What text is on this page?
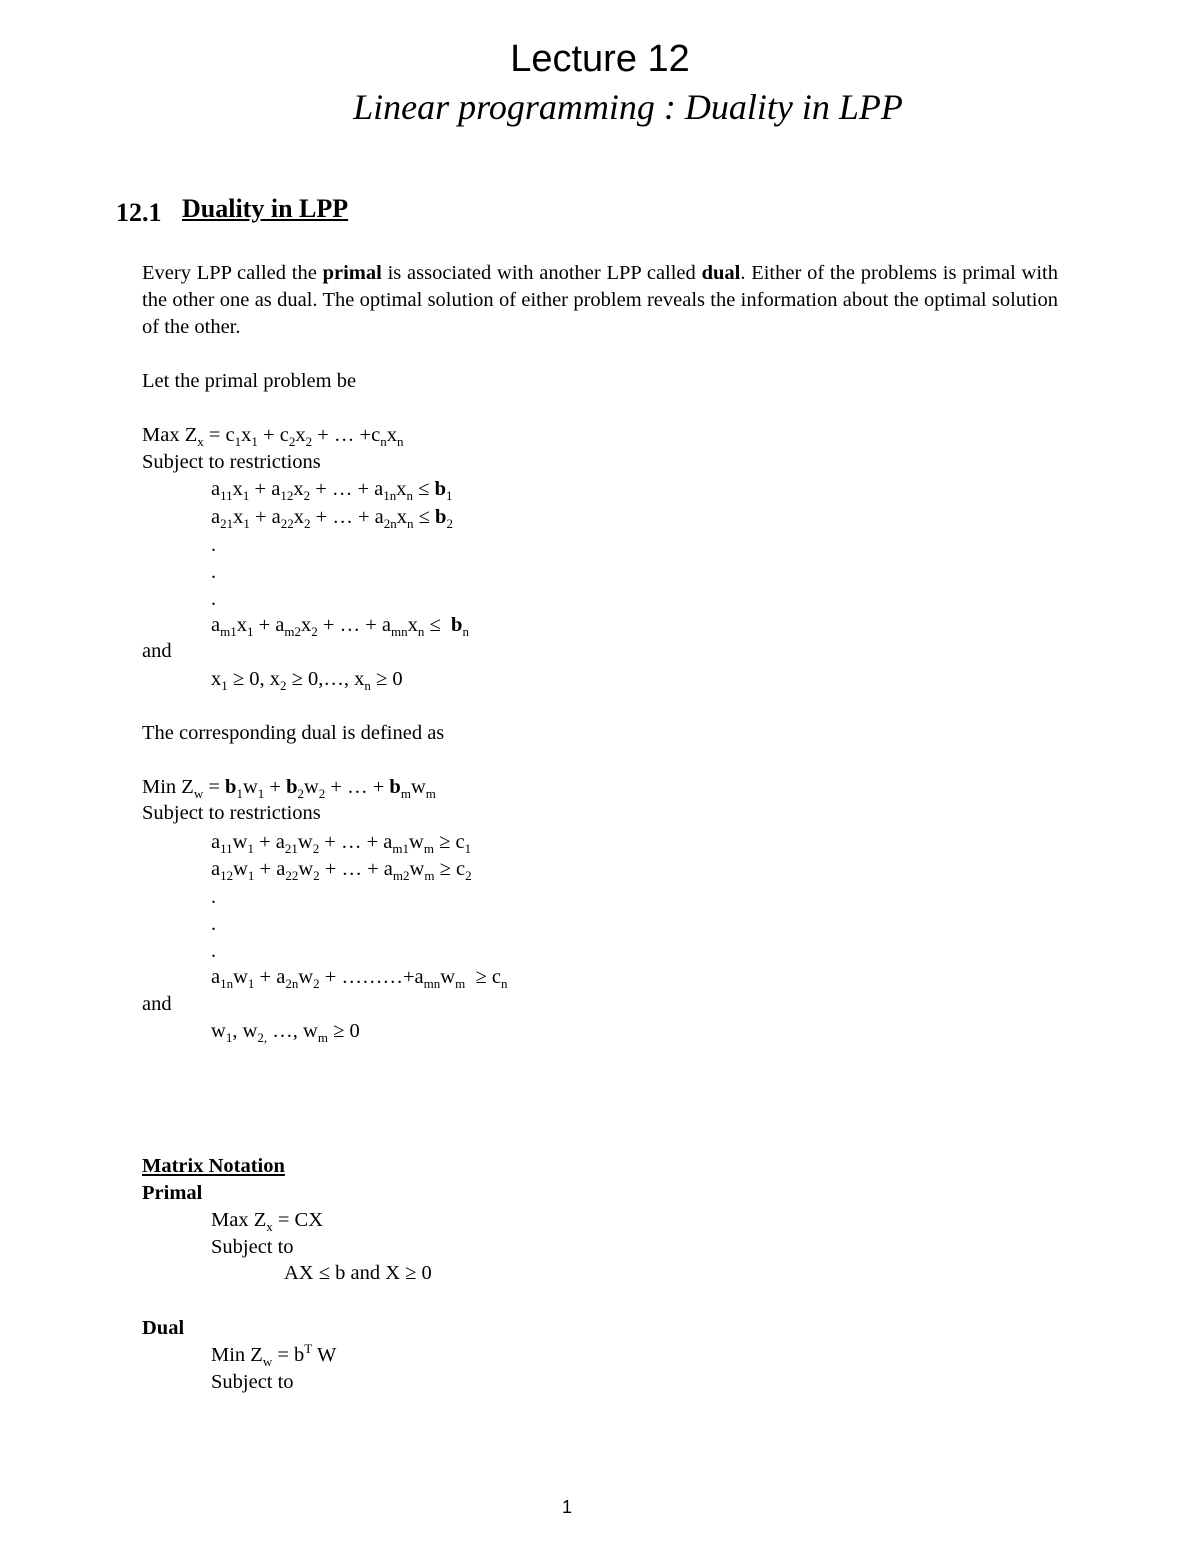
Lecture 12
Linear programming : Duality in LPP
12.1 Duality in LPP
Every LPP called the primal is associated with another LPP called dual. Either of the problems is primal with the other one as dual. The optimal solution of either problem reveals the information about the optimal solution of the other.
Let the primal problem be
Max $Z_x = c_1x_1 + c_2x_2$ + … $+c_nx_n$
Subject to restrictions
$a_{11}x_1 + a_{12}x_2$ + … + $a_{1n}x_n \le b_1$
$a_{21}x_1 + a_{22}x_2$ + … + $a_{2n}x_n \le b_2$
.
.
.
$a_{m1}x_1 + a_{m2}x_2$ + … + $a_{mn}x_n \le b_n$
and
$x_1 \ge 0$, $x_2$ ≥ 0,…, $x_n \ge 0$
The corresponding dual is defined as
Min $Z_w = b_1w_1 + b_2w_2$ + … + $b_mw_m$
Subject to restrictions
$a_{11}w_1 + a_{21}w_2$ + … + $a_{m1}w_m \ge c_1$
$a_{12}w_1 + a_{22}w_2$ + … + $a_{m2}w_m \ge c_2$
.
.
.
$a_{1n}w_1 + a_{2n}w_2$ + $\dots\dots\dots+a_{mn}w_m \ge c_n$
and
$w_1$, $w_{2,}$ …, $w_m \ge 0$
Matrix Notation
Primal
Max $Z_x$ = CX
Subject to
AX ≤ b and X ≥ 0
Dual
Min $Z_w = b^T$ W
Subject to
1
